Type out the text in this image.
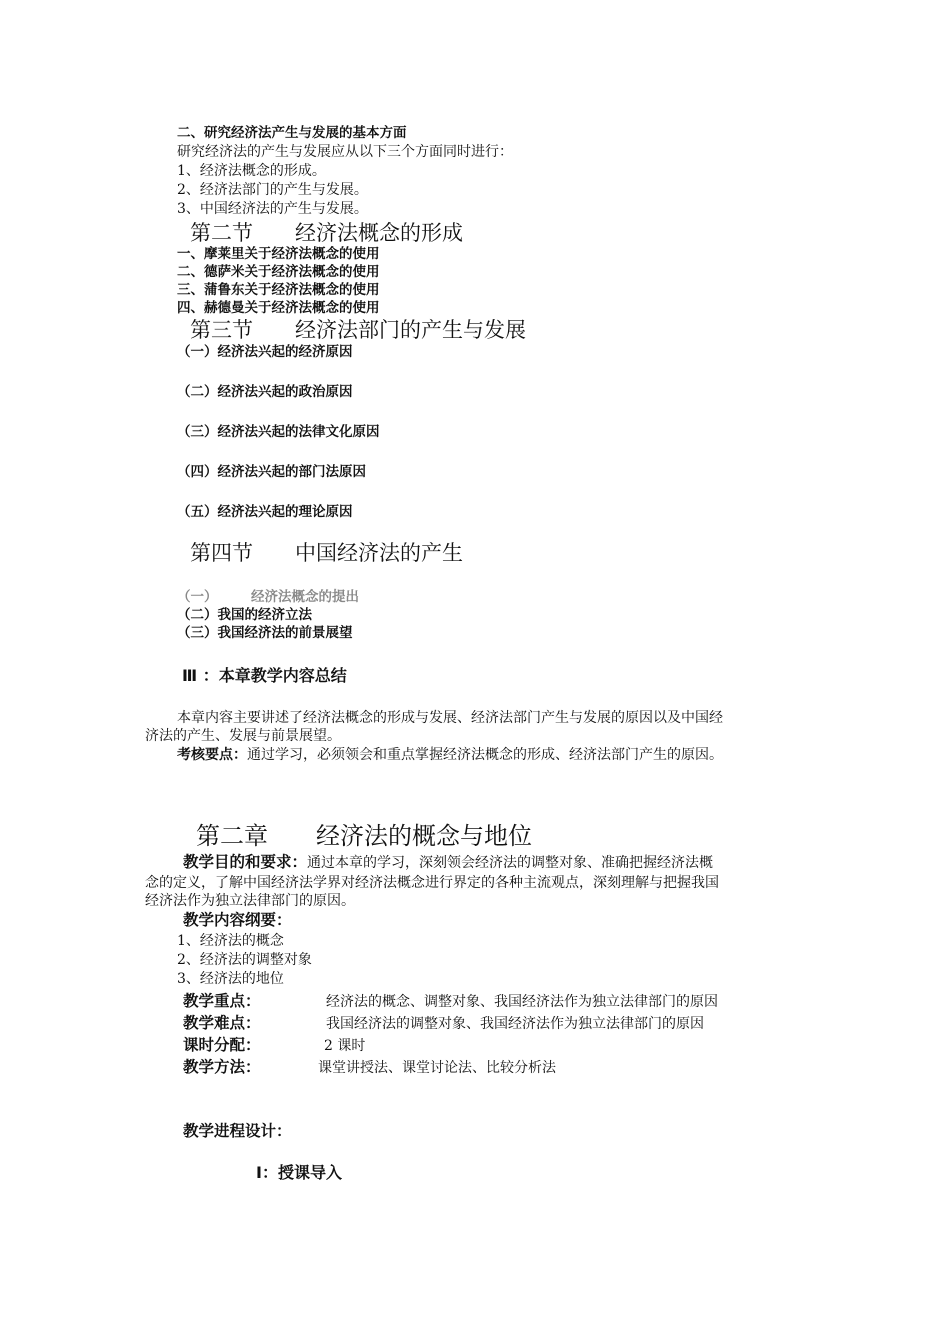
二、研究经济法产生与发展的基本方面
研究经济法的产生与发展应从以下三个方面同时进行：
1、经济法概念的形成。
2、经济法部门的产生与发展。
3、中国经济法的产生与发展。
第二节　　经济法概念的形成
一、摩莱里关于经济法概念的使用
二、德萨米关于经济法概念的使用
三、蒲鲁东关于经济法概念的使用
四、赫德曼关于经济法概念的使用
第三节　　经济法部门的产生与发展
（一）经济法兴起的经济原因
（二）经济法兴起的政治原因
（三）经济法兴起的法律文化原因
（四）经济法兴起的部门法原因
（五）经济法兴起的理论原因
第四节　　中国经济法的产生
（一） 经济法概念的提出
（二）我国的经济立法
（三）我国经济法的前景展望
Ⅲ ：本章教学内容总结
本章内容主要讲述了经济法概念的形成与发展、经济法部门产生与发展的原因以及中国经
济法的产生、发展与前景展望。
考核要点：通过学习，必须领会和重点掌握经济法概念的形成、经济法部门产生的原因。
第二章　　经济法的概念与地位
教学目的和要求：通过本章的学习，深刻领会经济法的调整对象、准确把握经济法概
念的定义，了解中国经济法学界对经济法概念进行界定的各种主流观点，深刻理解与把握我国
经济法作为独立法律部门的原因。
教学内容纲要：
1、经济法的概念
2、经济法的调整对象
3、经济法的地位
教学重点：	经济法的概念、调整对象、我国经济法作为独立法律部门的原因
教学难点：	我国经济法的调整对象、我国经济法作为独立法律部门的原因
课时分配：	2 课时
教学方法：	课堂讲授法、课堂讨论法、比较分析法
教学进程设计：
Ⅰ：授课导入
